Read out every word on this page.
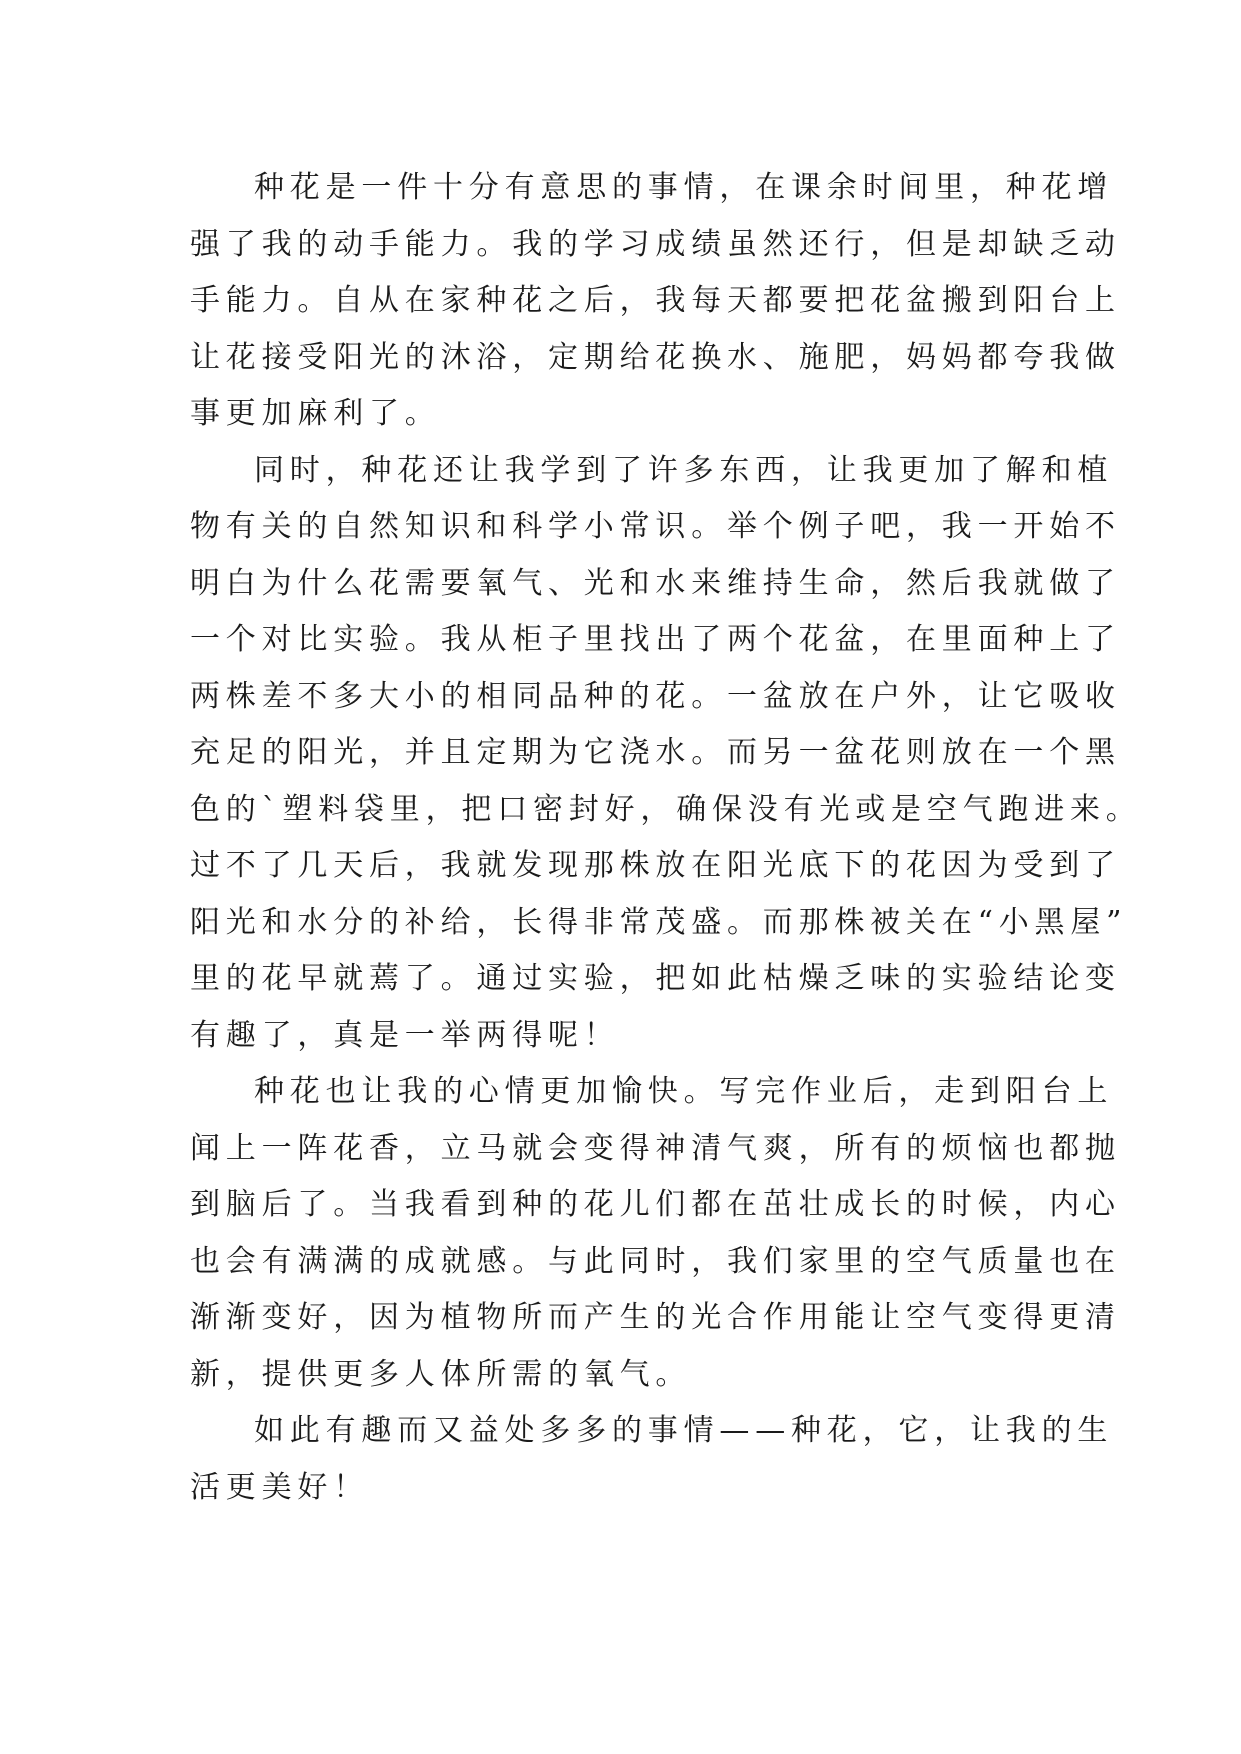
种花是一件十分有意思的事情，在课余时间里，种花增
强了我的动手能力。我的学习成绩虽然还行，但是却缺乏动
手能力。自从在家种花之后，我每天都要把花盆搬到阳台上
让花接受阳光的沐浴，定期给花换水、施肥，妈妈都夸我做
事更加麻利了。

同时，种花还让我学到了许多东西，让我更加了解和植
物有关的自然知识和科学小常识。举个例子吧，我一开始不
明白为什么花需要氧气、光和水来维持生命，然后我就做了
一个对比实验。我从柜子里找出了两个花盆，在里面种上了
两株差不多大小的相同品种的花。一盆放在户外，让它吸收
充足的阳光，并且定期为它浇水。而另一盆花则放在一个黑
色的`塑料袋里，把口密封好，确保没有光或是空气跑进来。
过不了几天后，我就发现那株放在阳光底下的花因为受到了
阳光和水分的补给，长得非常茂盛。而那株被关在“小黑屋”
里的花早就蔫了。通过实验，把如此枯燥乏味的实验结论变
有趣了，真是一举两得呢！

种花也让我的心情更加愉快。写完作业后，走到阳台上
闻上一阵花香，立马就会变得神清气爽，所有的烦恼也都抛
到脑后了。当我看到种的花儿们都在茁壮成长的时候，内心
也会有满满的成就感。与此同时，我们家里的空气质量也在
渐渐变好，因为植物所而产生的光合作用能让空气变得更清
新，提供更多人体所需的氧气。

如此有趣而又益处多多的事情——种花，它，让我的生
活更美好！
